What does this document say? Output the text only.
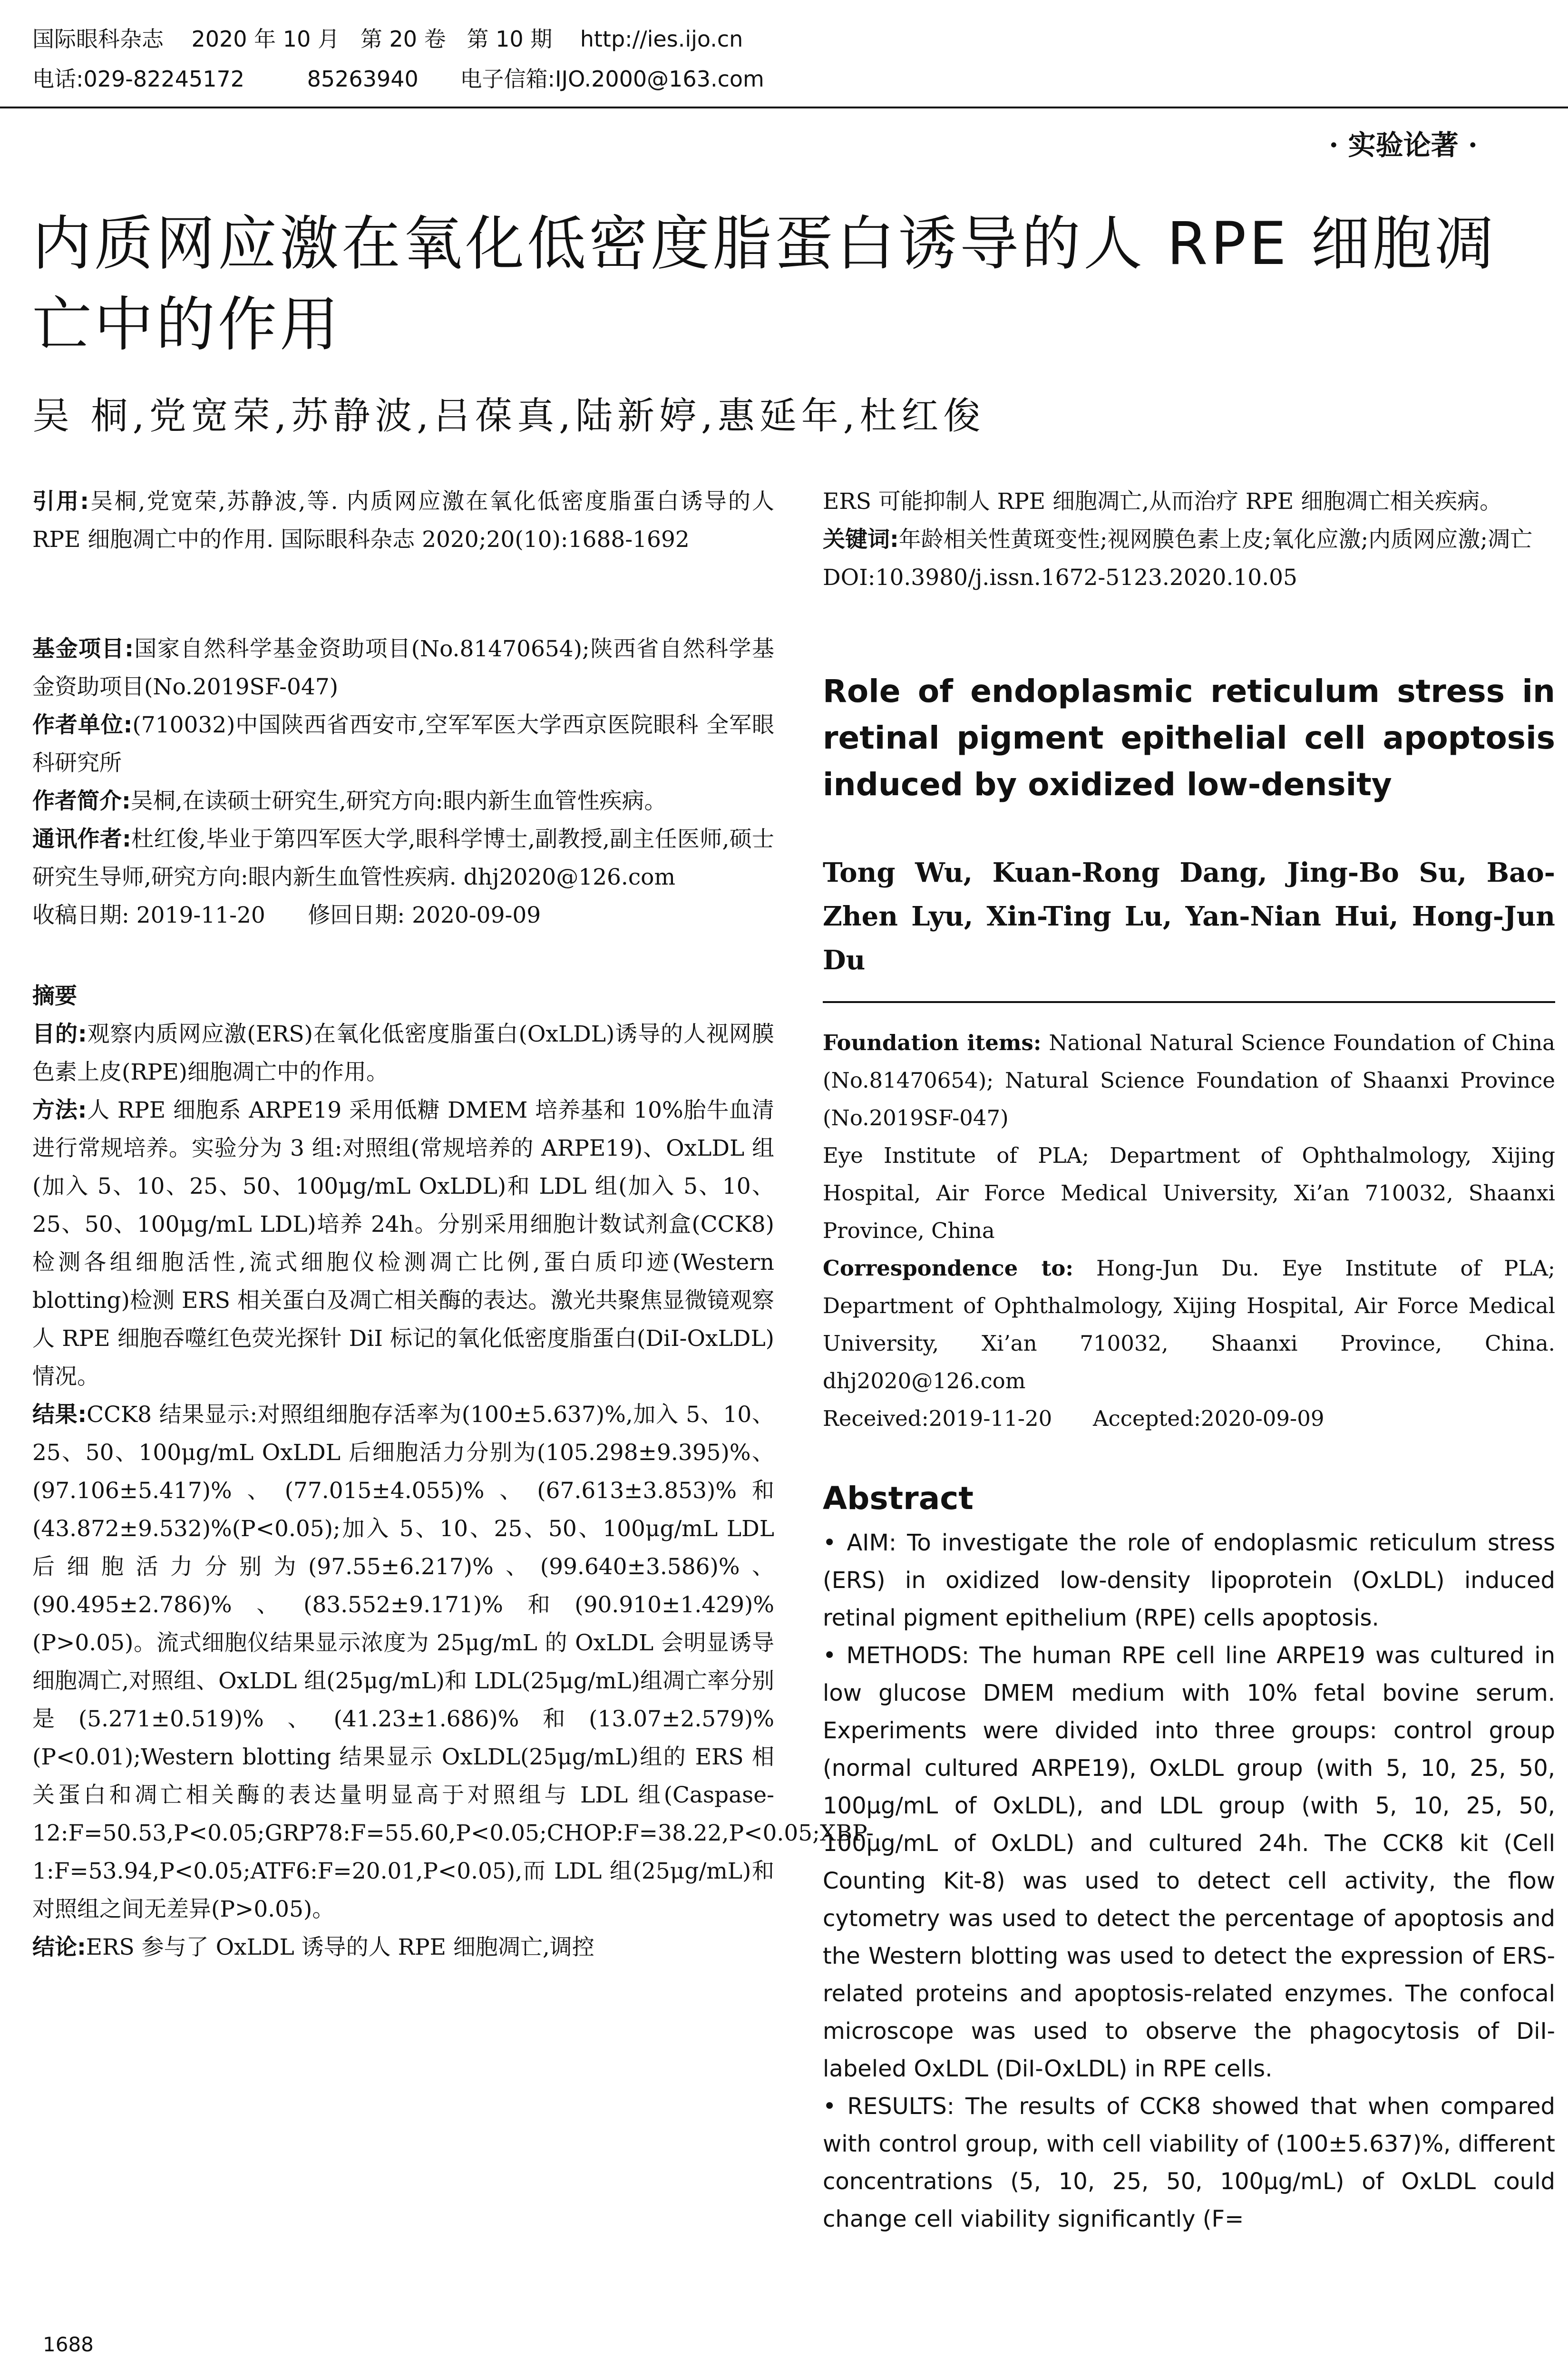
国际眼科杂志    2020 年 10 月   第 20 卷   第 10 期    http://ies.ijo.cn
电话:029-82245172         85263940      电子信箱:IJO.2000@163.com
· 实验论著 ·
内质网应激在氧化低密度脂蛋白诱导的人 RPE 细胞凋亡中的作用
吴 桐,党宽荣,苏静波,吕葆真,陆新婷,惠延年,杜红俊

引用:吴桐,党宽荣,苏静波,等. 内质网应激在氧化低密度脂蛋白诱导的人 RPE 细胞凋亡中的作用. 国际眼科杂志 2020;20(10):1688-1692

基金项目:国家自然科学基金资助项目(No.81470654);陕西省自然科学基金资助项目(No.2019SF-047)

作者单位:(710032)中国陕西省西安市,空军军医大学西京医院眼科 全军眼科研究所

作者简介:吴桐,在读硕士研究生,研究方向:眼内新生血管性疾病。

通讯作者:杜红俊,毕业于第四军医大学,眼科学博士,副教授,副主任医师,硕士研究生导师,研究方向:眼内新生血管性疾病. dhj2020@126.com

收稿日期: 2019-11-20      修回日期: 2020-09-09

摘要

目的:观察内质网应激(ERS)在氧化低密度脂蛋白(OxLDL)诱导的人视网膜色素上皮(RPE)细胞凋亡中的作用。

方法:人 RPE 细胞系 ARPE19 采用低糖 DMEM 培养基和 10%胎牛血清进行常规培养。实验分为 3 组:对照组(常规培养的 ARPE19)、OxLDL 组(加入 5、10、25、50、100μg/mL OxLDL)和 LDL 组(加入 5、10、25、50、100μg/mL LDL)培养 24h。分别采用细胞计数试剂盒(CCK8)检测各组细胞活性,流式细胞仪检测凋亡比例,蛋白质印迹(Western blotting)检测 ERS 相关蛋白及凋亡相关酶的表达。激光共聚焦显微镜观察人 RPE 细胞吞噬红色荧光探针 DiI 标记的氧化低密度脂蛋白(DiI-OxLDL)情况。

结果:CCK8 结果显示:对照组细胞存活率为(100±5.637)%,加入 5、10、25、50、100μg/mL OxLDL 后细胞活力分别为(105.298±9.395)%、(97.106±5.417)%、(77.015±4.055)%、(67.613±3.853)%和(43.872±9.532)%(P<0.05);加入 5、10、25、50、100μg/mL LDL 后细胞活力分别为(97.55±6.217)%、(99.640±3.586)%、(90.495±2.786)%、(83.552±9.171)%和(90.910±1.429)%(P>0.05)。流式细胞仪结果显示浓度为 25μg/mL 的 OxLDL 会明显诱导细胞凋亡,对照组、OxLDL 组(25μg/mL)和 LDL(25μg/mL)组凋亡率分别是(5.271±0.519)%、(41.23±1.686)%和(13.07±2.579)%(P<0.01);Western blotting 结果显示 OxLDL(25μg/mL)组的 ERS 相关蛋白和凋亡相关酶的表达量明显高于对照组与 LDL 组(Caspase-12:F=50.53,P<0.05;GRP78:F=55.60,P<0.05;CHOP:F=38.22,P<0.05;XBP-1:F=53.94,P<0.05;ATF6:F=20.01,P<0.05),而 LDL 组(25μg/mL)和对照组之间无差异(P>0.05)。

结论:ERS 参与了 OxLDL 诱导的人 RPE 细胞凋亡,调控

ERS 可能抑制人 RPE 细胞凋亡,从而治疗 RPE 细胞凋亡相关疾病。

关键词:年龄相关性黄斑变性;视网膜色素上皮;氧化应激;内质网应激;凋亡

DOI:10.3980/j.issn.1672-5123.2020.10.05

Role of endoplasmic reticulum stress in retinal pigment epithelial cell apoptosis induced by oxidized low-density

Tong Wu, Kuan-Rong Dang, Jing-Bo Su, Bao-Zhen Lyu, Xin-Ting Lu, Yan-Nian Hui, Hong-Jun Du

Foundation items: National Natural Science Foundation of China (No.81470654); Natural Science Foundation of Shaanxi Province (No.2019SF-047)

Eye Institute of PLA; Department of Ophthalmology, Xijing Hospital, Air Force Medical University, Xi’an 710032, Shaanxi Province, China

Correspondence to: Hong-Jun Du. Eye Institute of PLA; Department of Ophthalmology, Xijing Hospital, Air Force Medical University, Xi’an 710032, Shaanxi Province, China. dhj2020@126.com

Received:2019-11-20      Accepted:2020-09-09

Abstract

• AIM: To investigate the role of endoplasmic reticulum stress (ERS) in oxidized low-density lipoprotein (OxLDL) induced retinal pigment epithelium (RPE) cells apoptosis.

• METHODS: The human RPE cell line ARPE19 was cultured in low glucose DMEM medium with 10% fetal bovine serum. Experiments were divided into three groups: control group (normal cultured ARPE19), OxLDL group (with 5, 10, 25, 50, 100μg/mL of OxLDL), and LDL group (with 5, 10, 25, 50, 100μg/mL of OxLDL) and cultured 24h. The CCK8 kit (Cell Counting Kit-8) was used to detect cell activity, the flow cytometry was used to detect the percentage of apoptosis and the Western blotting was used to detect the expression of ERS-related proteins and apoptosis-related enzymes. The confocal microscope was used to observe the phagocytosis of DiI-labeled OxLDL (DiI-OxLDL) in RPE cells.

• RESULTS: The results of CCK8 showed that when compared with control group, with cell viability of (100±5.637)%, different concentrations (5, 10, 25, 50, 100μg/mL) of OxLDL could change cell viability significantly (F=

1688
